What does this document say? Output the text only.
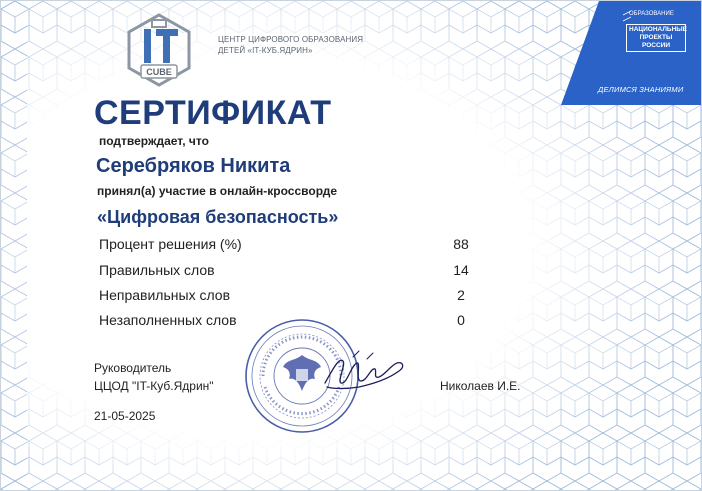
CUBE
ЦЕНТР ЦИФРОВОГО ОБРАЗОВАНИЯ
ДЕТЕЙ «IT-КУБ.ЯДРИН»
ОБРАЗОВАНИЕ
НАЦИОНАЛЬНЫЕ ПРОЕКТЫ РОССИИ
ДЕЛИМСЯ ЗНАНИЯМИ
СЕРТИФИКАТ
подтверждает, что
Серебряков Никита
принял(а) участие в онлайн-кроссворде
«Цифровая безопасность»
Процент решения (%)	88
Правильных слов	14
Неправильных слов	2
Незаполненных слов	0
Руководитель
ЦЦОД "IT-Куб.Ядрин"	Николаев И.Е.
21-05-2025
